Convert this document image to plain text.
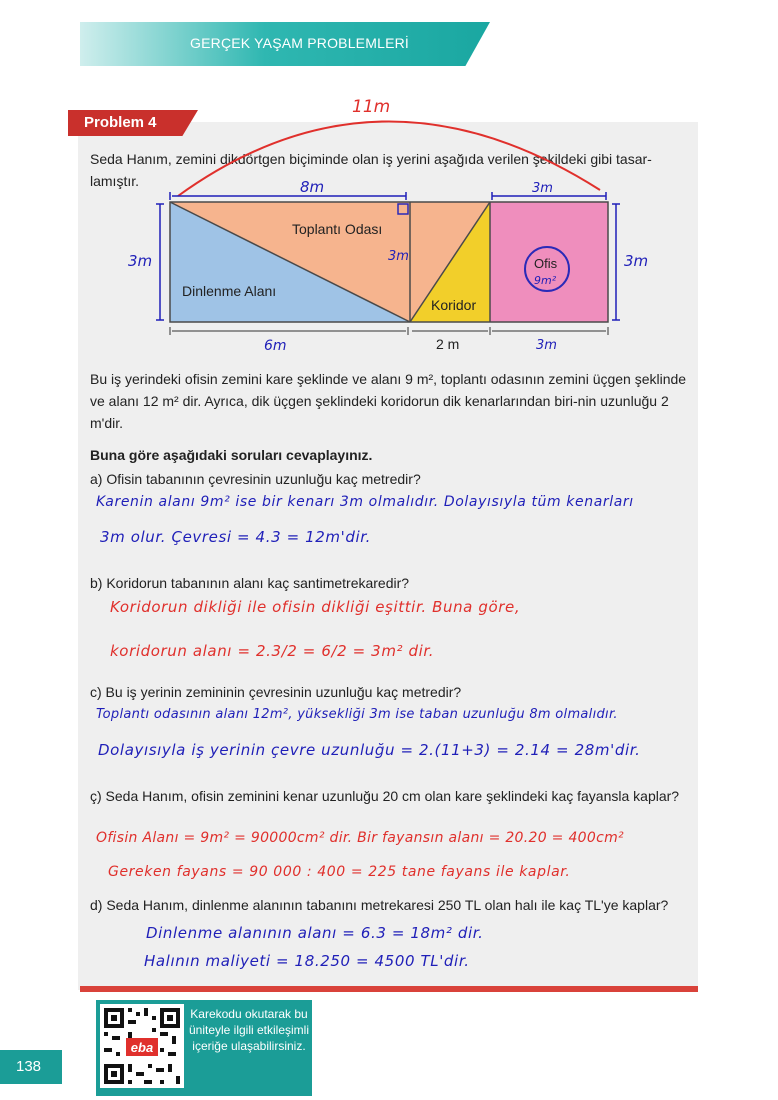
GERÇEK YAŞAM PROBLEMLERİ
Problem 4
Seda Hanım, zemini dikdörtgen biçiminde olan iş yerini aşağıda verilen şekildeki gibi tasar-lamıştır.
Toplantı Odası
Dinlenme Alanı
Koridor
Ofis
2 m
11m
8m	3m
3m	3m	3m
6m	3m
9m²
Bu iş yerindeki ofisin zemini kare şeklinde ve alanı 9 m², toplantı odasının zemini üçgen şeklinde ve alanı 12 m² dir. Ayrıca, dik üçgen şeklindeki koridorun dik kenarlarından biri-nin uzunluğu 2 m'dir.
Buna göre aşağıdaki soruları cevaplayınız.
a) Ofisin tabanının çevresinin uzunluğu kaç metredir?
Karenin alanı 9m² ise bir kenarı 3m olmalıdır. Dolayısıyla tüm kenarları
3m olur. Çevresi = 4.3 = 12m'dir.
b) Koridorun tabanının alanı kaç santimetrekaredir?
Koridorun dikliği ile ofisin dikliği eşittir. Buna göre,
koridorun alanı = 2.3/2 = 6/2 = 3m² dir.
c) Bu iş yerinin zemininin çevresinin uzunluğu kaç metredir?
Toplantı odasının alanı 12m², yüksekliği 3m ise taban uzunluğu 8m olmalıdır.
Dolayısıyla iş yerinin çevre uzunluğu = 2.(11+3) = 2.14 = 28m'dir.
ç) Seda Hanım, ofisin zeminini kenar uzunluğu 20 cm olan kare şeklindeki kaç fayansla kaplar?
Ofisin Alanı = 9m² = 90000cm² dir. Bir fayansın alanı = 20.20 = 400cm²
Gereken fayans = 90 000 : 400 = 225 tane fayans ile kaplar.
d) Seda Hanım, dinlenme alanının tabanını metrekaresi 250 TL olan halı ile kaç TL'ye kaplar?
Dinlenme alanının alanı = 6.3 = 18m² dir.
Halının maliyeti = 18.250 = 4500 TL'dir.
eba
Karekodu okutarak bu üniteyle ilgili etkileşimli içeriğe ulaşabilirsiniz.
138
